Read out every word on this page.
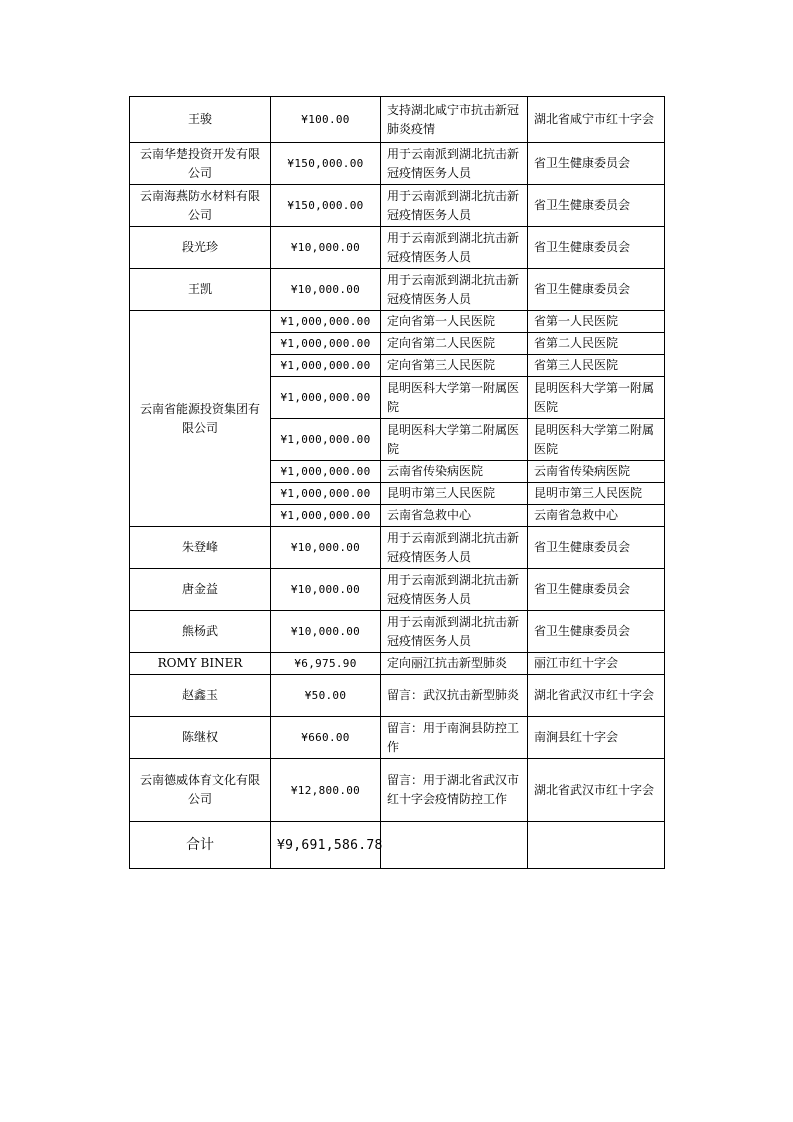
王骏	¥100.00	支持湖北咸宁市抗击新冠肺炎疫情	湖北省咸宁市红十字会
云南华楚投资开发有限公司	¥150,000.00	用于云南派到湖北抗击新冠疫情医务人员	省卫生健康委员会
云南海燕防水材料有限公司	¥150,000.00	用于云南派到湖北抗击新冠疫情医务人员	省卫生健康委员会
段光珍	¥10,000.00	用于云南派到湖北抗击新冠疫情医务人员	省卫生健康委员会
王凯	¥10,000.00	用于云南派到湖北抗击新冠疫情医务人员	省卫生健康委员会
云南省能源投资集团有限公司	¥1,000,000.00	定向省第一人民医院	省第一人民医院
	¥1,000,000.00	定向省第二人民医院	省第二人民医院
	¥1,000,000.00	定向省第三人民医院	省第三人民医院
	¥1,000,000.00	昆明医科大学第一附属医院	昆明医科大学第一附属医院
	¥1,000,000.00	昆明医科大学第二附属医院	昆明医科大学第二附属医院
	¥1,000,000.00	云南省传染病医院	云南省传染病医院
	¥1,000,000.00	昆明市第三人民医院	昆明市第三人民医院
	¥1,000,000.00	云南省急救中心	云南省急救中心
朱登峰	¥10,000.00	用于云南派到湖北抗击新冠疫情医务人员	省卫生健康委员会
唐金益	¥10,000.00	用于云南派到湖北抗击新冠疫情医务人员	省卫生健康委员会
熊杨武	¥10,000.00	用于云南派到湖北抗击新冠疫情医务人员	省卫生健康委员会
ROMY BINER	¥6,975.90	定向丽江抗击新型肺炎	丽江市红十字会
赵鑫玉	¥50.00	留言：武汉抗击新型肺炎	湖北省武汉市红十字会
陈继权	¥660.00	留言：用于南涧县防控工作	南涧县红十字会
云南德威体育文化有限公司	¥12,800.00	留言：用于湖北省武汉市红十字会疫情防控工作	湖北省武汉市红十字会
合计	¥9,691,586.78		
